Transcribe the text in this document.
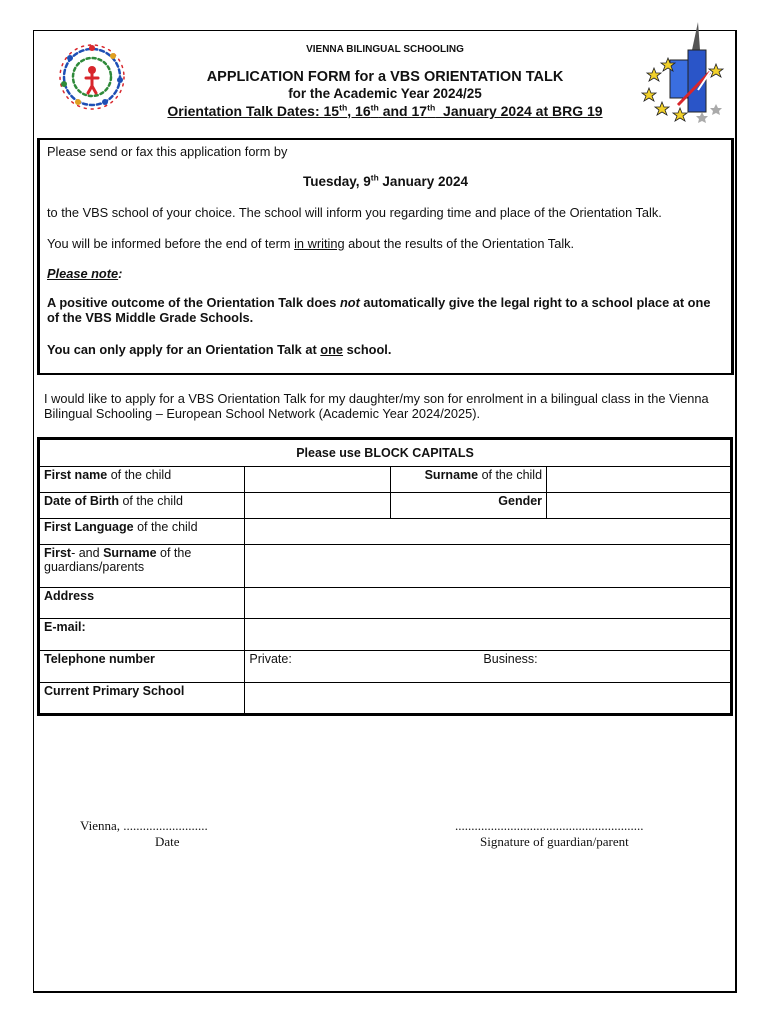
VIENNA BILINGUAL SCHOOLING
APPLICATION FORM for a VBS ORIENTATION TALK
for the Academic Year 2024/25
Orientation Talk Dates: 15th, 16th and 17th  January 2024 at BRG 19
Please send or fax this application form by
Tuesday, 9th January 2024
to the VBS school of your choice. The school will inform you regarding time and place of the Orientation Talk.
You will be informed before the end of term in writing about the results of the Orientation Talk.
Please note:
A positive outcome of the Orientation Talk does not automatically give the legal right to a school place at one of the VBS Middle Grade Schools.
You can only apply for an Orientation Talk at one school.
I would like to apply for a VBS Orientation Talk for my daughter/my son for enrolment in a bilingual class in the Vienna Bilingual Schooling – European School Network (Academic Year 2024/2025).
Please use BLOCK CAPITALS			
First name of the child		Surname of the child	
Date of Birth of the child		Gender	
First Language of the child			
First- and Surname of the guardians/parents			
Address			
E-mail:			
Telephone number	Private: Business:		

Current Primary School			
Vienna, ..........................
Date
..........................................................
Signature of guardian/parent
